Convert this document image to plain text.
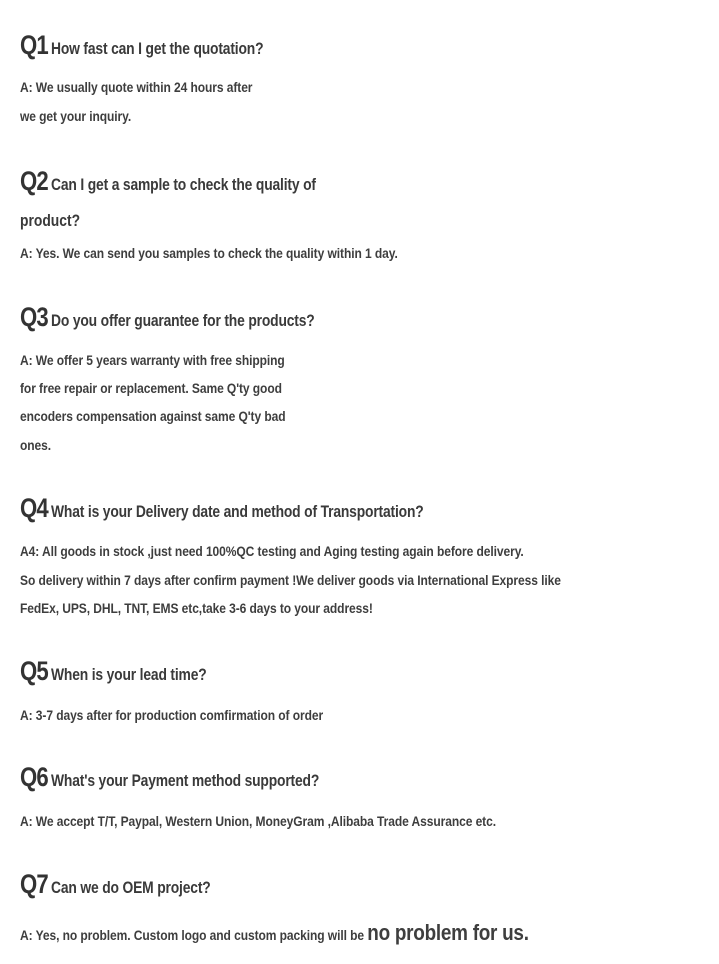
Q1 How fast can I get the quotation?
A: We usually quote within 24 hours after
we get your inquiry.
Q2 Can I get a sample to check the quality of
product?
A: Yes. We can send you samples to check the quality within 1 day.
Q3 Do you offer guarantee for the products?
A: We offer 5 years warranty with free shipping
for free repair or replacement. Same Q'ty good
encoders compensation against same Q'ty bad
ones.
Q4 What is your Delivery date and method of Transportation?
A4: All goods in stock ,just need 100%QC testing and Aging testing again before delivery.
So delivery within 7 days after confirm payment !We deliver goods via International Express like
FedEx, UPS, DHL, TNT, EMS etc,take 3-6 days to your address!
Q5 When is your lead time?
A: 3-7 days after for production comfirmation of order
Q6 What's your Payment method supported?
A: We accept T/T, Paypal, Western Union, MoneyGram ,Alibaba Trade Assurance etc.
Q7 Can we do OEM project?
A: Yes, no problem. Custom logo and custom packing will be no problem for us.
